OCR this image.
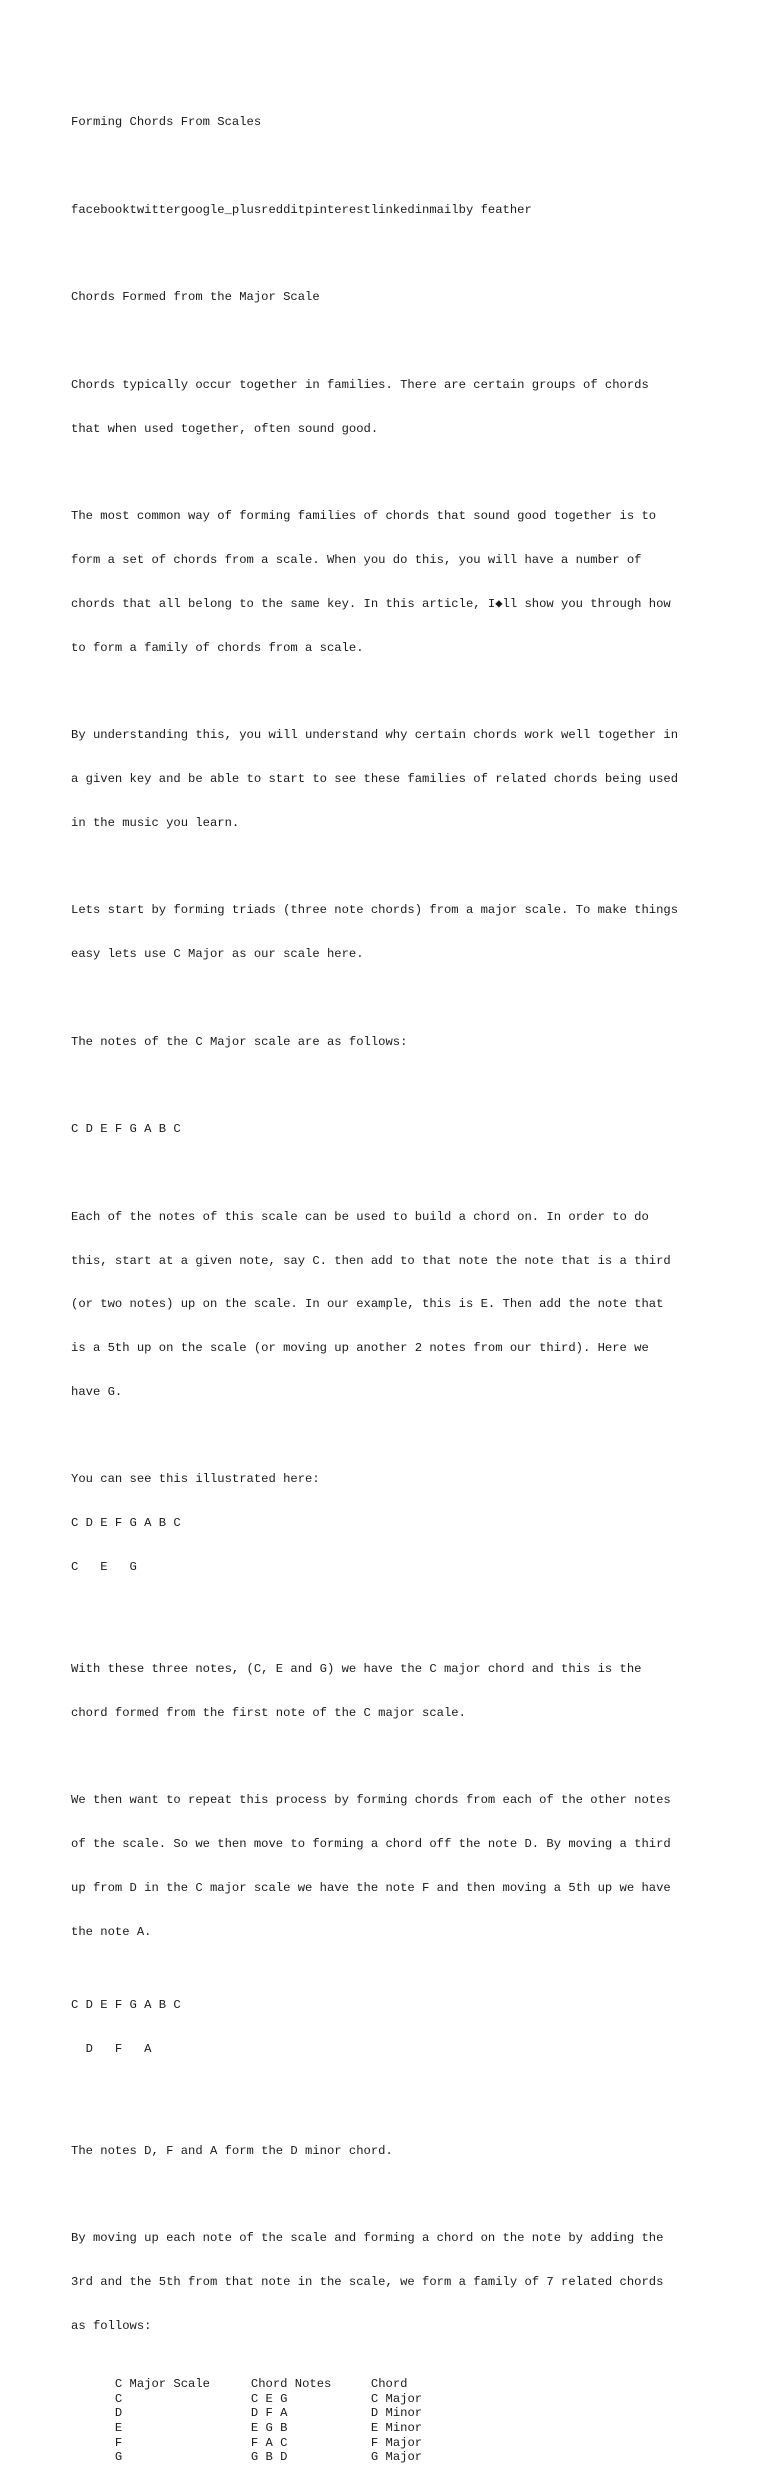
Forming Chords From Scales

facebooktwittergoogle_plusredditpinterestlinkedinmailby feather

Chords Formed from the Major Scale

Chords typically occur together in families. There are certain groups of chords

that when used together, often sound good.

The most common way of forming families of chords that sound good together is to

form a set of chords from a scale. When you do this, you will have a number of

chords that all belong to the same key. In this article, I◆ll show you through how

to form a family of chords from a scale.

By understanding this, you will understand why certain chords work well together in

a given key and be able to start to see these families of related chords being used

in the music you learn.

Lets start by forming triads (three note chords) from a major scale. To make things

easy lets use C Major as our scale here.

The notes of the C Major scale are as follows:

C D E F G A B C

Each of the notes of this scale can be used to build a chord on. In order to do

this, start at a given note, say C. then add to that note the note that is a third

(or two notes) up on the scale. In our example, this is E. Then add the note that

is a 5th up on the scale (or moving up another 2 notes from our third). Here we

have G.

You can see this illustrated here:

C D E F G A B C

C   E   G

With these three notes, (C, E and G) we have the C major chord and this is the

chord formed from the first note of the C major scale.

We then want to repeat this process by forming chords from each of the other notes

of the scale. So we then move to forming a chord off the note D. By moving a third

up from D in the C major scale we have the note F and then moving a 5th up we have

the note A.

C D E F G A B C

D   F   A

The notes D, F and A form the D minor chord.

By moving up each note of the scale and forming a chord on the note by adding the

3rd and the 5th from that note in the scale, we form a family of 7 related chords

as follows:

C Major Scale	Chord Notes	Chord

C	C E G	C Major

D	D F A	D Minor

E	E G B	E Minor

F	F A C	F Major

G	G B D	G Major
